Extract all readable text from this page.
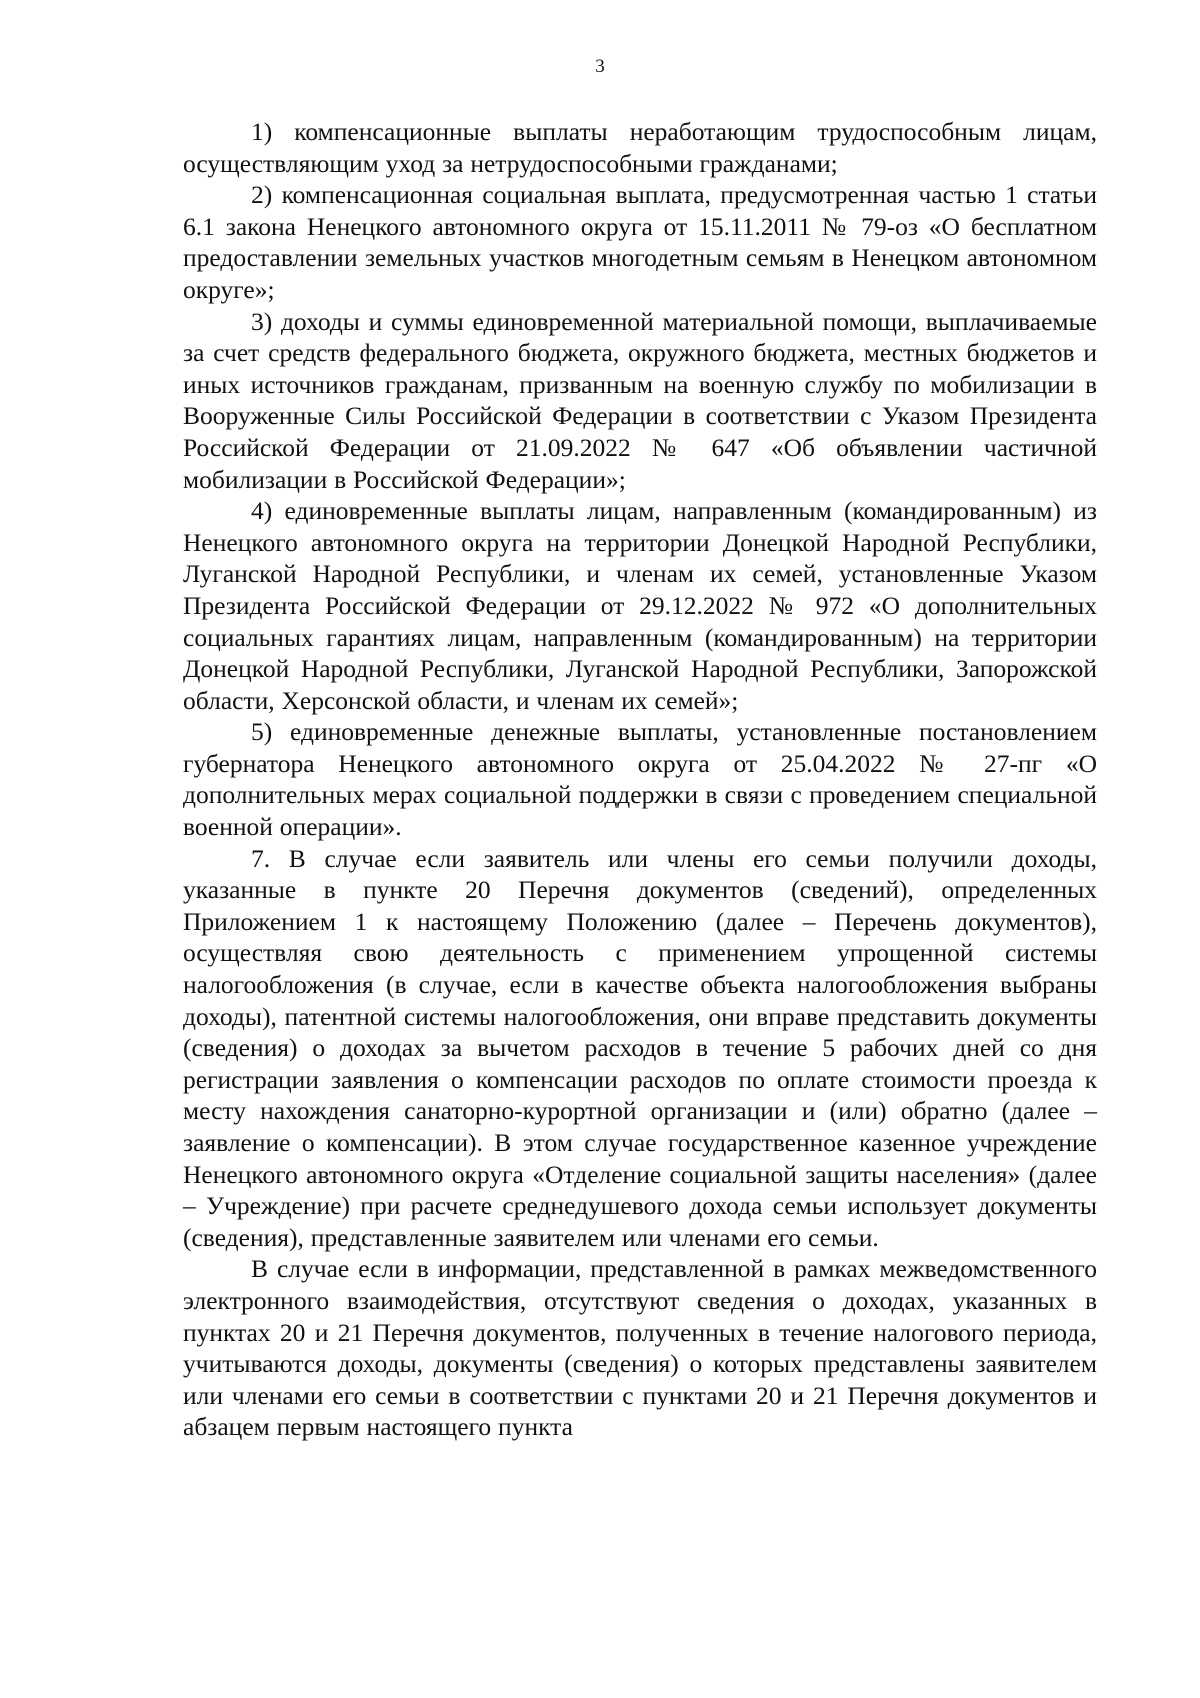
3

1) компенсационные выплаты неработающим трудоспособным лицам, осуществляющим уход за нетрудоспособными гражданами;

2) компенсационная социальная выплата, предусмотренная частью 1 статьи 6.1 закона Ненецкого автономного округа от 15.11.2011 № 79-оз «О бесплатном предоставлении земельных участков многодетным семьям в Ненецком автономном округе»;

3) доходы и суммы единовременной материальной помощи, выплачиваемые за счет средств федерального бюджета, окружного бюджета, местных бюджетов и иных источников гражданам, призванным на военную службу по мобилизации в Вооруженные Силы Российской Федерации в соответствии с Указом Президента Российской Федерации от 21.09.2022 № 647 «Об объявлении частичной мобилизации в Российской Федерации»;

4) единовременные выплаты лицам, направленным (командированным) из Ненецкого автономного округа на территории Донецкой Народной Республики, Луганской Народной Республики, и членам их семей, установленные Указом Президента Российской Федерации от 29.12.2022 № 972 «О дополнительных социальных гарантиях лицам, направленным (командированным) на территории Донецкой Народной Республики, Луганской Народной Республики, Запорожской области, Херсонской области, и членам их семей»;

5) единовременные денежные выплаты, установленные постановлением губернатора Ненецкого автономного округа от 25.04.2022 № 27-пг «О дополнительных мерах социальной поддержки в связи с проведением специальной военной операции».

7. В случае если заявитель или члены его семьи получили доходы, указанные в пункте 20 Перечня документов (сведений), определенных Приложением 1 к настоящему Положению (далее – Перечень документов), осуществляя свою деятельность с применением упрощенной системы налогообложения (в случае, если в качестве объекта налогообложения выбраны доходы), патентной системы налогообложения, они вправе представить документы (сведения) о доходах за вычетом расходов в течение 5 рабочих дней со дня регистрации заявления о компенсации расходов по оплате стоимости проезда к месту нахождения санаторно-курортной организации и (или) обратно (далее – заявление о компенсации). В этом случае государственное казенное учреждение Ненецкого автономного округа «Отделение социальной защиты населения» (далее – Учреждение) при расчете среднедушевого дохода семьи использует документы (сведения), представленные заявителем или членами его семьи.

В случае если в информации, представленной в рамках межведомственного электронного взаимодействия, отсутствуют сведения о доходах, указанных в пунктах 20 и 21 Перечня документов, полученных в течение налогового периода, учитываются доходы, документы (сведения) о которых представлены заявителем или членами его семьи в соответствии с пунктами 20 и 21 Перечня документов и абзацем первым настоящего пункта
